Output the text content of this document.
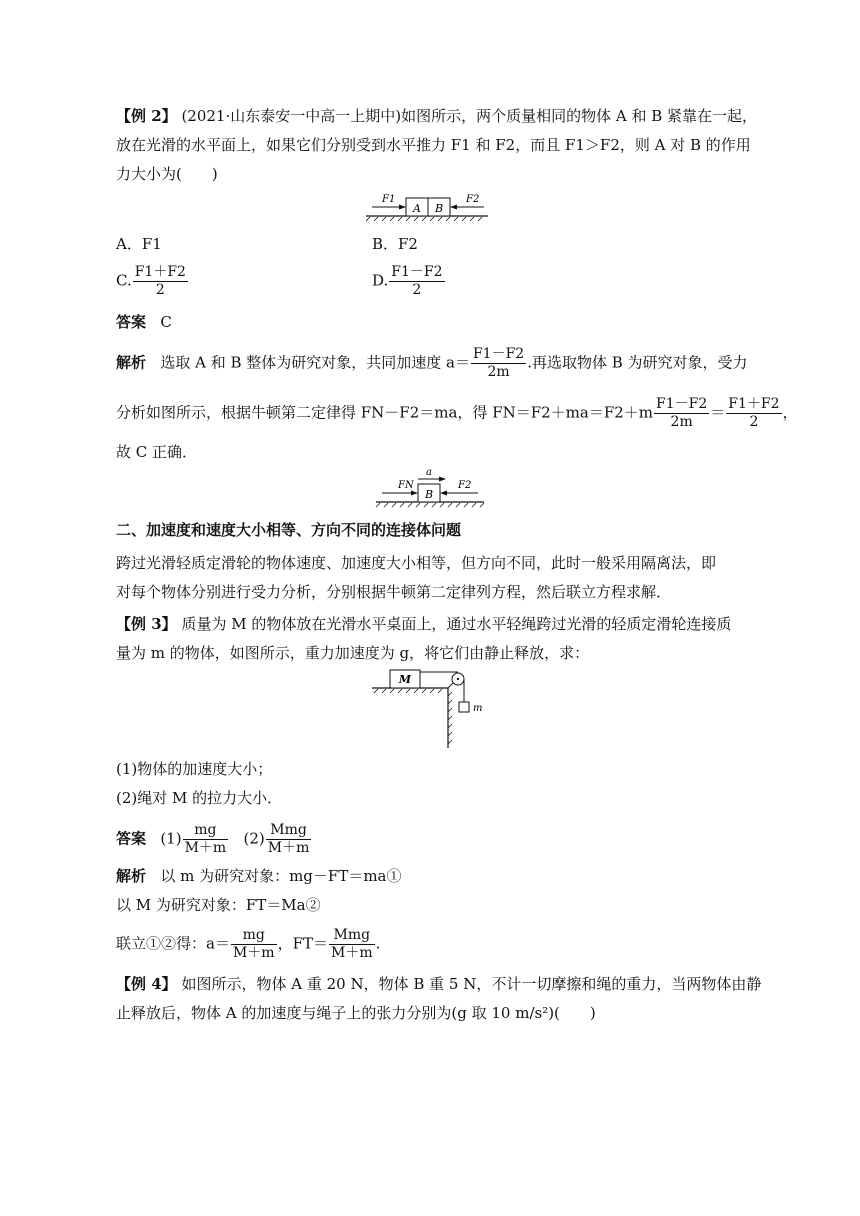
【例 2】 (2021·山东泰安一中高一上期中)如图所示，两个质量相同的物体 A 和 B 紧靠在一起，
放在光滑的水平面上，如果它们分别受到水平推力 F1 和 F2，而且 F1＞F2，则 A 对 B 的作用
力大小为(　　)
A B
F1	F2
A．F1	B．F2
C. $\frac{F1+F2}{2}$	D. $\frac{F1-F2}{2}$
答案 C
解析 选取 A 和 B 整体为研究对象，共同加速度 $a= \frac{F1-F2}{2m}$ .再选取物体 B 为研究对象，受力
分析如图所示，根据牛顿第二定律得 FN－F2＝ma，得 $FN=F2+ma=F2+m \frac{F1-F2}{2m} = \frac{F1+F2}{2}$ ，
故 C 正确．
B
a
FN	F2
二、加速度和速度大小相等、方向不同的连接体问题
跨过光滑轻质定滑轮的物体速度、加速度大小相等，但方向不同，此时一般采用隔离法，即
对每个物体分别进行受力分析，分别根据牛顿第二定律列方程，然后联立方程求解．
【例 3】 质量为 M 的物体放在光滑水平桌面上，通过水平轻绳跨过光滑的轻质定滑轮连接质
量为 m 的物体，如图所示，重力加速度为 g，将它们由静止释放，求：
M
m
(1)物体的加速度大小；
(2)绳对 M 的拉力大小．
答案 $(1) \frac{mg}{M+m} (2) \frac{\text{Mmg}}{M+m}$
解析 以 m 为研究对象：mg－FT＝ma①
以 M 为研究对象：FT＝Ma②
联立①②得：$a= \frac{mg}{M+m}$ ，$FT= \frac{\text{Mmg}}{M+m}$ .
【例 4】 如图所示，物体 A 重 20 N，物体 B 重 5 N，不计一切摩擦和绳的重力，当两物体由静
止释放后，物体 A 的加速度与绳子上的张力分别为(g 取 10 m/s²)(　　)
